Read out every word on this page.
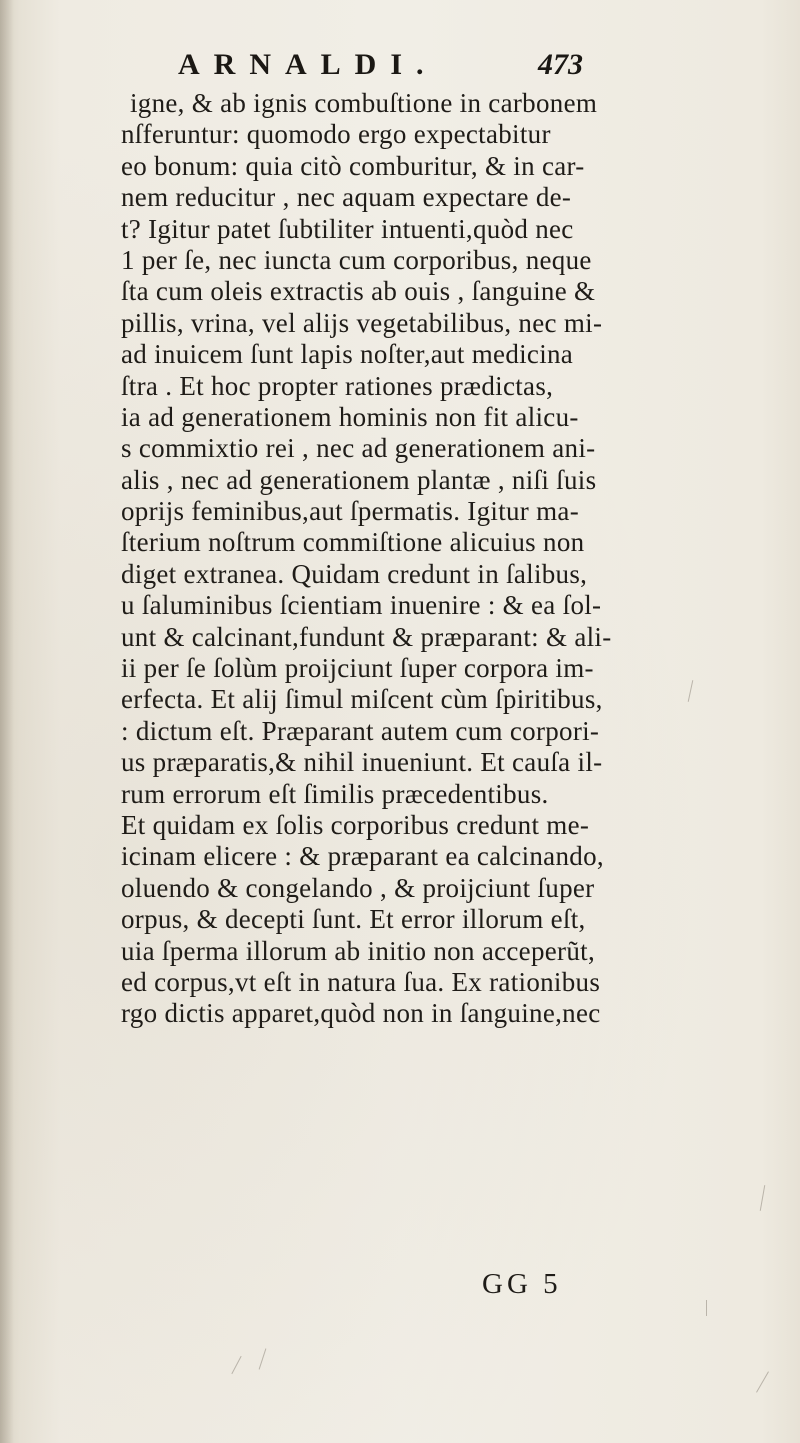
ARNALDI.	473
igne, & ab ignis combuſtione in carbonem
nſferuntur: quomodo ergo expectabitur
eo bonum: quia citò comburitur, & in car-
nem reducitur , nec aquam expectare de-
t? Igitur patet ſubtiliter intuenti,quòd nec
1 per ſe, nec iuncta cum corporibus, neque
ſta cum oleis extractis ab ouis , ſanguine &
pillis, vrina, vel alijs vegetabilibus, nec mi-
ad inuicem ſunt lapis noſter,aut medicina
ſtra . Et hoc propter rationes prædictas,
ia ad generationem hominis non fit alicu-
s commixtio rei , nec ad generationem ani-
alis , nec ad generationem plantæ , niſi ſuis
oprijs feminibus,aut ſpermatis. Igitur ma-
ſterium noſtrum commiſtione alicuius non
diget extranea. Quidam credunt in ſalibus,
u ſaluminibus ſcientiam inuenire : & ea ſol-
unt & calcinant,fundunt & præparant: & ali-
ii per ſe ſolùm proijciunt ſuper corpora im-
erfecta. Et alij ſimul miſcent cùm ſpiritibus,
: dictum eſt. Præparant autem cum corpori-
us præparatis,& nihil inueniunt. Et cauſa il-
rum errorum eſt ſimilis præcedentibus.
Et quidam ex ſolis corporibus credunt me-
icinam elicere : & præparant ea calcinando,
oluendo & congelando , & proijciunt ſuper
orpus, & decepti ſunt. Et error illorum eſt,
uia ſperma illorum ab initio non acceperũt,
ed corpus,vt eſt in natura ſua. Ex rationibus
rgo dictis apparet,quòd non in ſanguine,nec
GG 5
